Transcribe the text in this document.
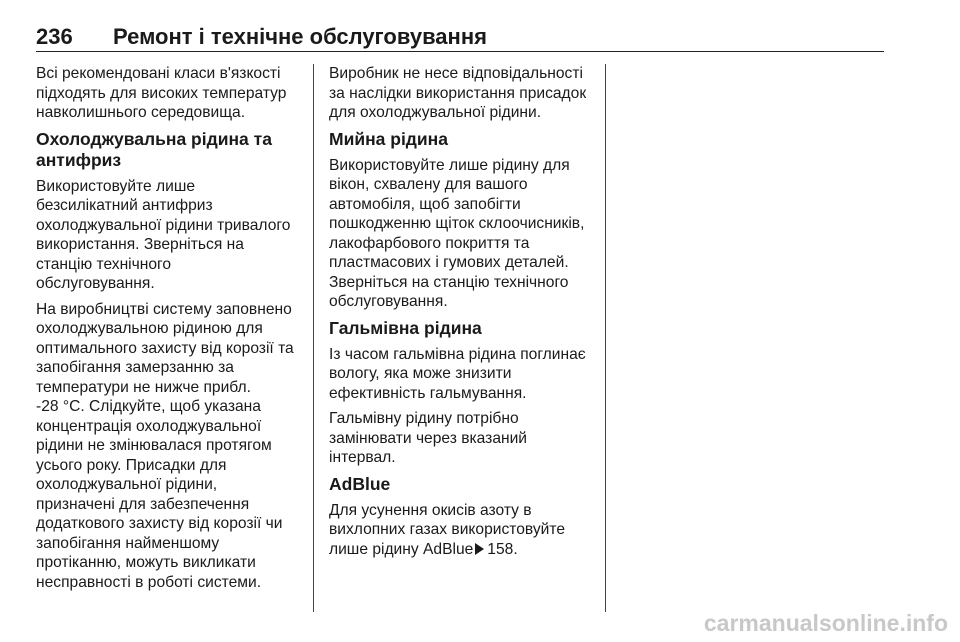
236 Ремонт і технічне обслуговування

Всі рекомендовані класи в'язкості
підходять для високих температур
навколишнього середовища.

Охолоджувальна рідина та
антифриз

Використовуйте лише
безсилікатний антифриз
охолоджувальної рідини тривалого
використання. Зверніться на
станцію технічного
обслуговування.

На виробництві систему заповнено
охолоджувальною рідиною для
оптимального захисту від корозії та
запобігання замерзанню за
температури не нижче прибл.
-28 °C. Слідкуйте, щоб указана
концентрація охолоджувальної
рідини не змінювалася протягом
усього року. Присадки для
охолоджувальної рідини,
призначені для забезпечення
додаткового захисту від корозії чи
запобігання найменшому
протіканню, можуть викликати
несправності в роботі системи.

Виробник не несе відповідальності
за наслідки використання присадок
для охолоджувальної рідини.

Мийна рідина

Використовуйте лише рідину для
вікон, схвалену для вашого
автомобіля, щоб запобігти
пошкодженню щіток склоочисників,
лакофарбового покриття та
пластмасових і гумових деталей.
Зверніться на станцію технічного
обслуговування.

Гальмівна рідина

Із часом гальмівна рідина поглинає
вологу, яка може знизити
ефективність гальмування.

Гальмівну рідину потрібно
замінювати через вказаний
інтервал.

AdBlue

Для усунення окисів азоту в
вихлопних газах використовуйте
лише рідину AdBlue 158.

carmanualsonline.info
